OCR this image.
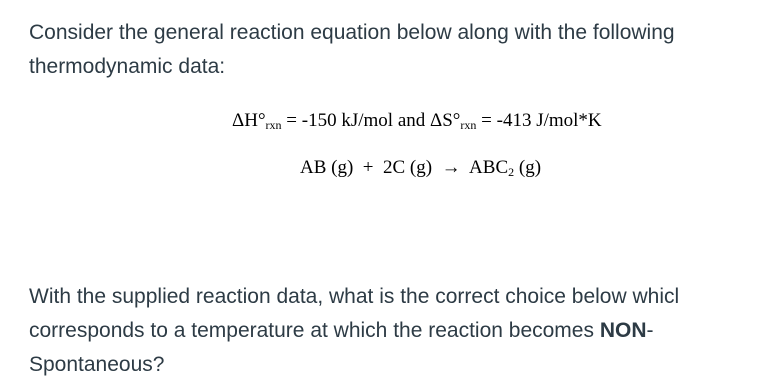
Consider the general reaction equation below along with the following
thermodynamic data:
$\Delta H^\circ_{rxn} = -150$ kJ/mol and $\Delta S^\circ_{rxn} = -413$ J/mol*K
AB (g)  +  2C (g)  →  ABC2 (g)
With the supplied reaction data, what is the correct choice below whicl
corresponds to a temperature at which the reaction becomes NON-
Spontaneous?
